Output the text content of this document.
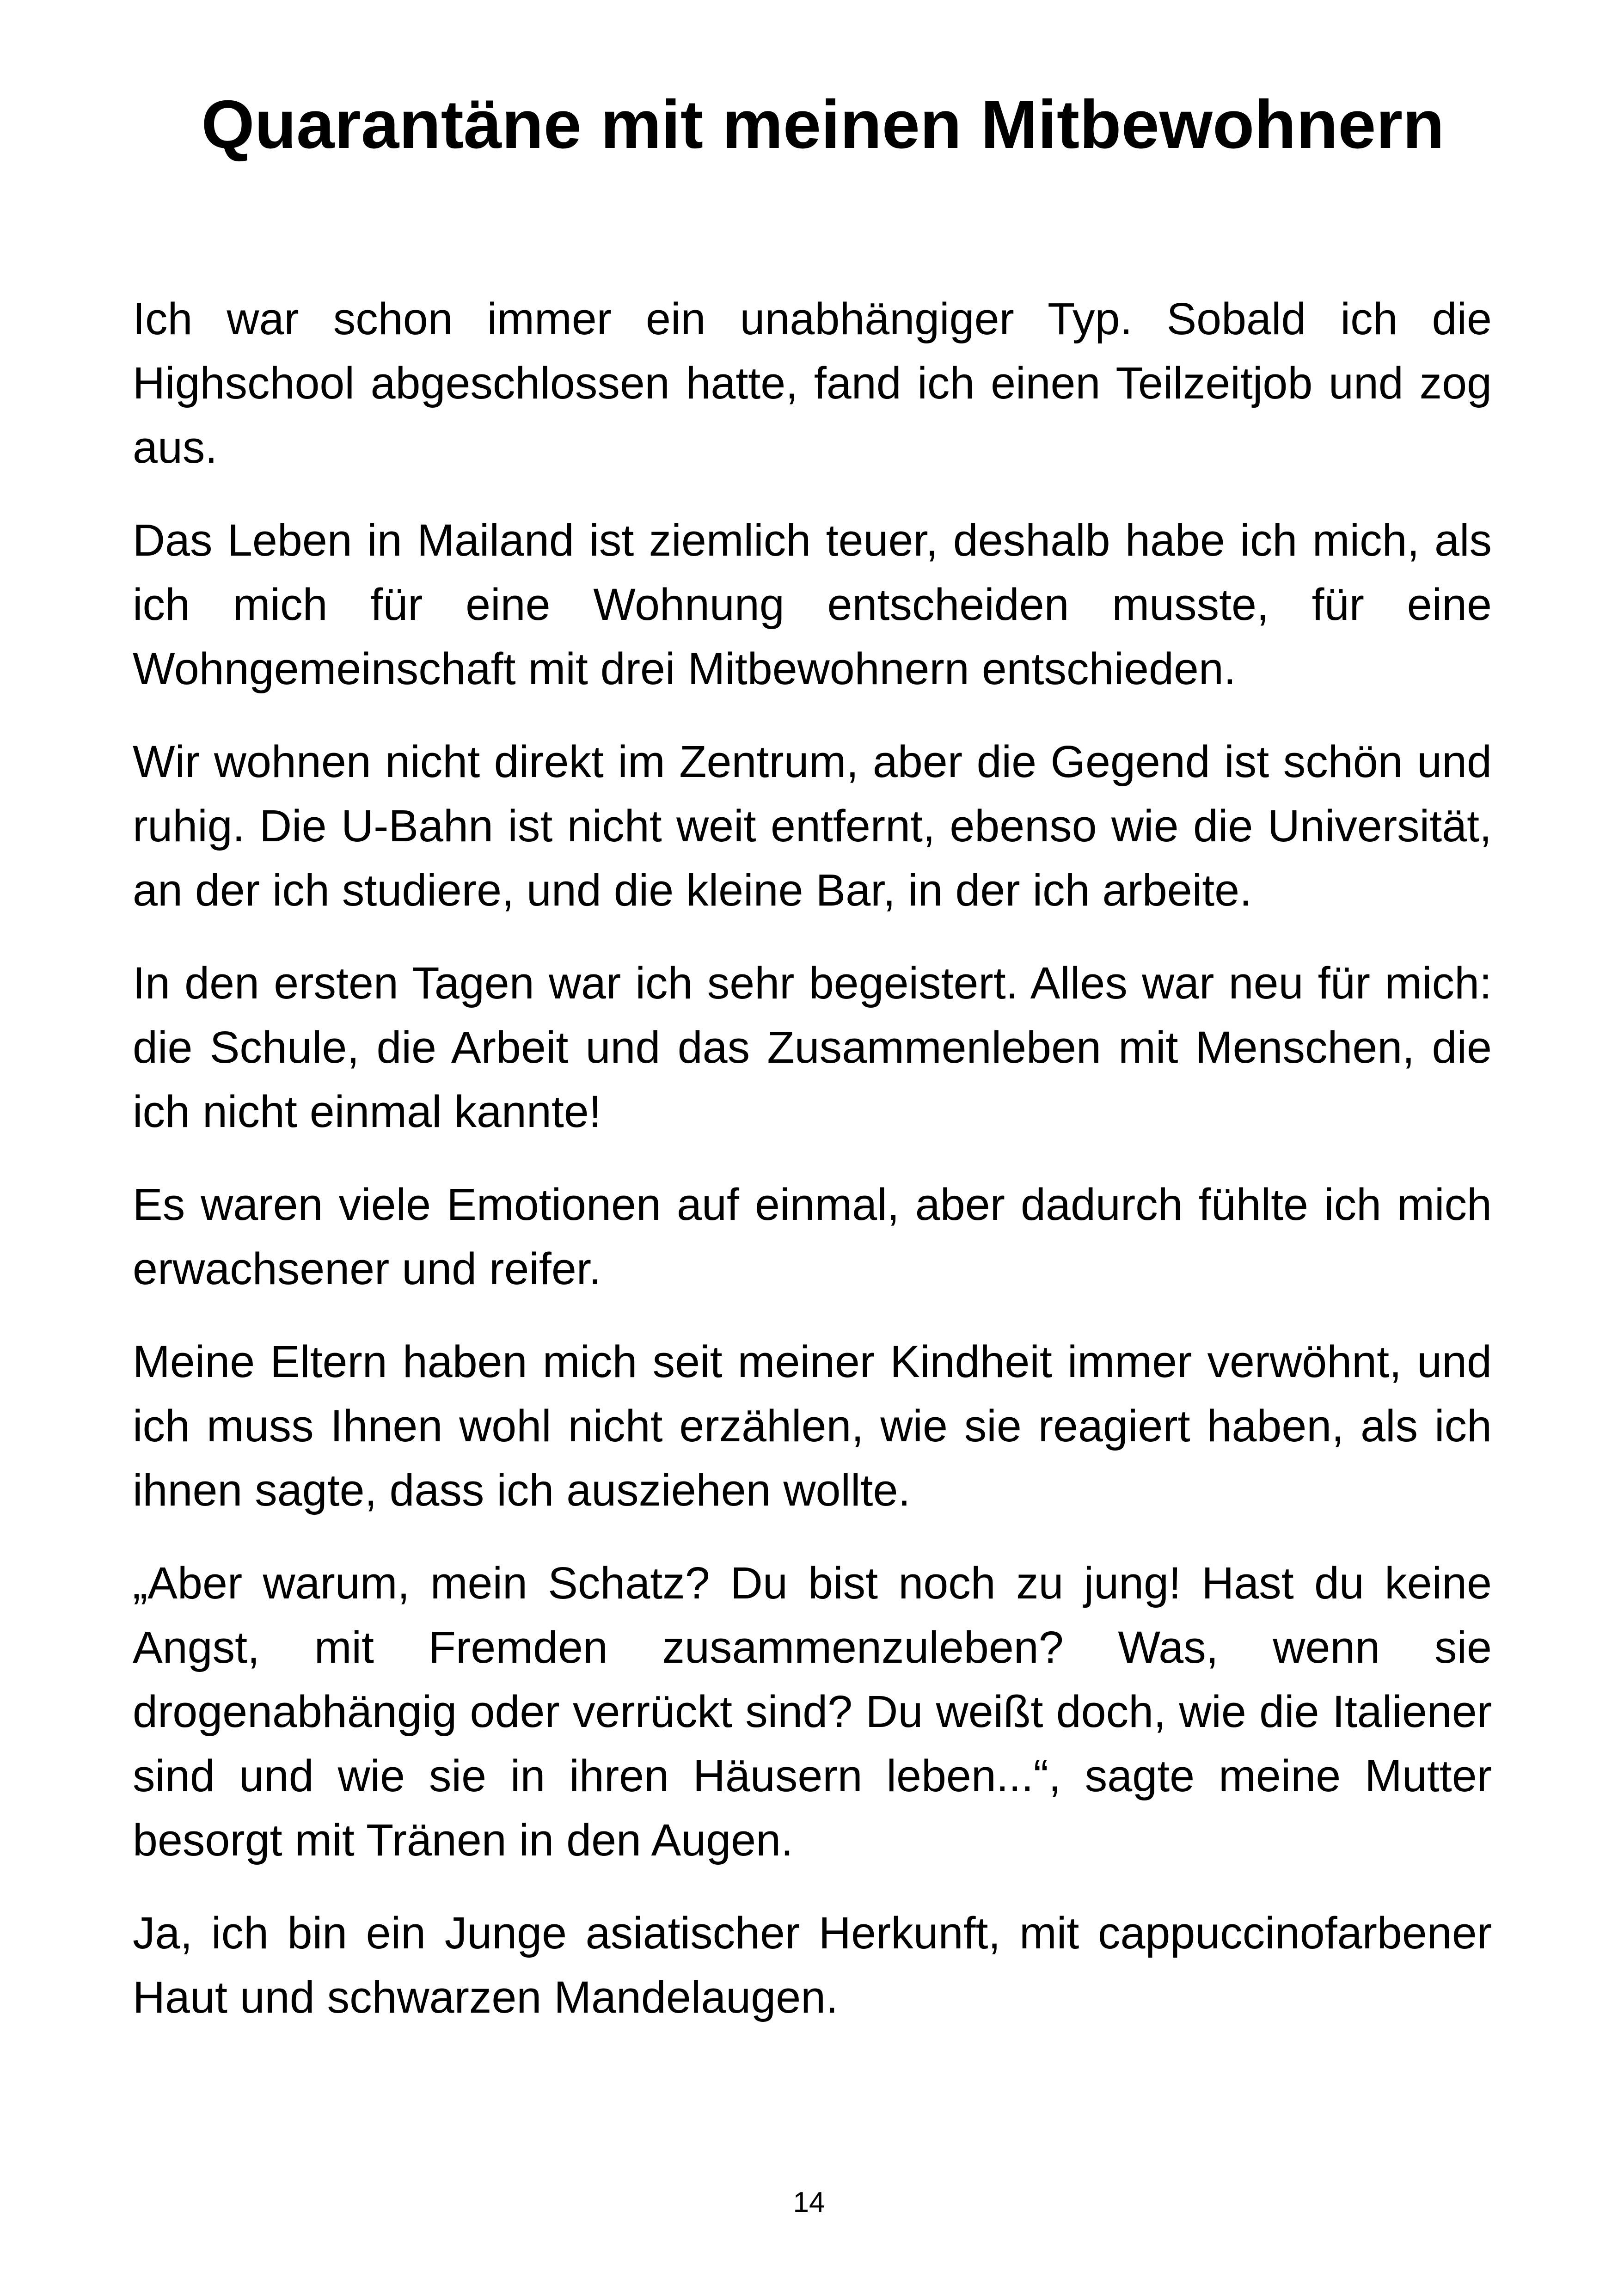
Quarantäne mit meinen Mitbewohnern

Ich war schon immer ein unabhängiger Typ. Sobald ich die Highschool abgeschlossen hatte, fand ich einen Teilzeitjob und zog aus.

Das Leben in Mailand ist ziemlich teuer, deshalb habe ich mich, als ich mich für eine Wohnung entscheiden musste, für eine Wohngemeinschaft mit drei Mitbewohnern entschieden.

Wir wohnen nicht direkt im Zentrum, aber die Gegend ist schön und ruhig. Die U-Bahn ist nicht weit entfernt, ebenso wie die Universität, an der ich studiere, und die kleine Bar, in der ich arbeite.

In den ersten Tagen war ich sehr begeistert. Alles war neu für mich: die Schule, die Arbeit und das Zusammenleben mit Menschen, die ich nicht einmal kannte!

Es waren viele Emotionen auf einmal, aber dadurch fühlte ich mich erwachsener und reifer.

Meine Eltern haben mich seit meiner Kindheit immer verwöhnt, und ich muss Ihnen wohl nicht erzählen, wie sie reagiert haben, als ich ihnen sagte, dass ich ausziehen wollte.

„Aber warum, mein Schatz? Du bist noch zu jung! Hast du keine Angst, mit Fremden zusammenzuleben? Was, wenn sie drogenabhängig oder verrückt sind? Du weißt doch, wie die Italiener sind und wie sie in ihren Häusern leben...“, sagte meine Mutter besorgt mit Tränen in den Augen.

Ja, ich bin ein Junge asiatischer Herkunft, mit cappuccinofarbener Haut und schwarzen Mandelaugen.

14
